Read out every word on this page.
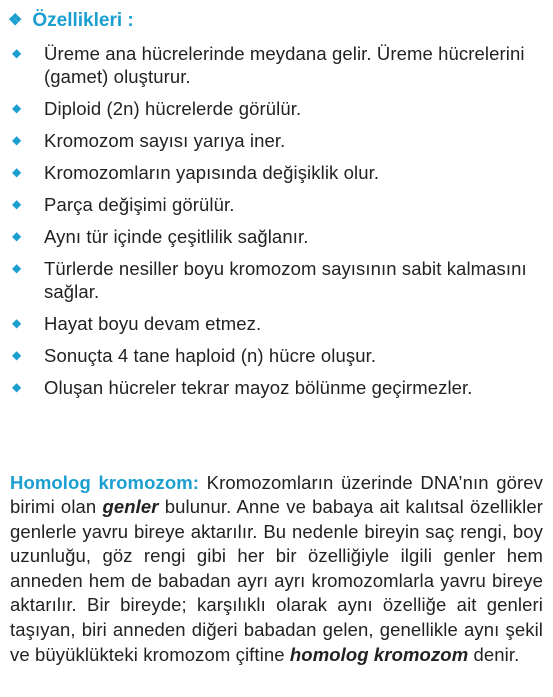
❖ Özellikleri :
◆ Üreme ana hücrelerinde meydana gelir. Üreme hücrelerini (gamet) oluşturur.
◆ Diploid (2n) hücrelerde görülür.
◆ Kromozom sayısı yarıya iner.
◆ Kromozomların yapısında değişiklik olur.
◆ Parça değişimi görülür.
◆ Aynı tür içinde çeşitlilik sağlanır.
◆ Türlerde nesiller boyu kromozom sayısının sabit kalmasını sağlar.
◆ Hayat boyu devam etmez.
◆ Sonuçta 4 tane haploid (n) hücre oluşur.
◆ Oluşan hücreler tekrar mayoz bölünme geçirmezler.

Homolog kromozom: Kromozomların üzerinde DNA’nın görev birimi olan genler bulunur. Anne ve babaya ait kalıtsal özellikler genlerle yavru bireye aktarılır. Bu nedenle bireyin saç rengi, boy uzunluğu, göz rengi gibi her bir özelliğiyle ilgili genler hem anneden hem de babadan ayrı ayrı kromozomlarla yavru bireye aktarılır. Bir bireyde; karşılıklı olarak aynı özelliğe ait genleri taşıyan, biri anneden diğeri babadan gelen, genellikle aynı şekil ve büyüklükteki kromozom çiftine homolog kromozom denir.
